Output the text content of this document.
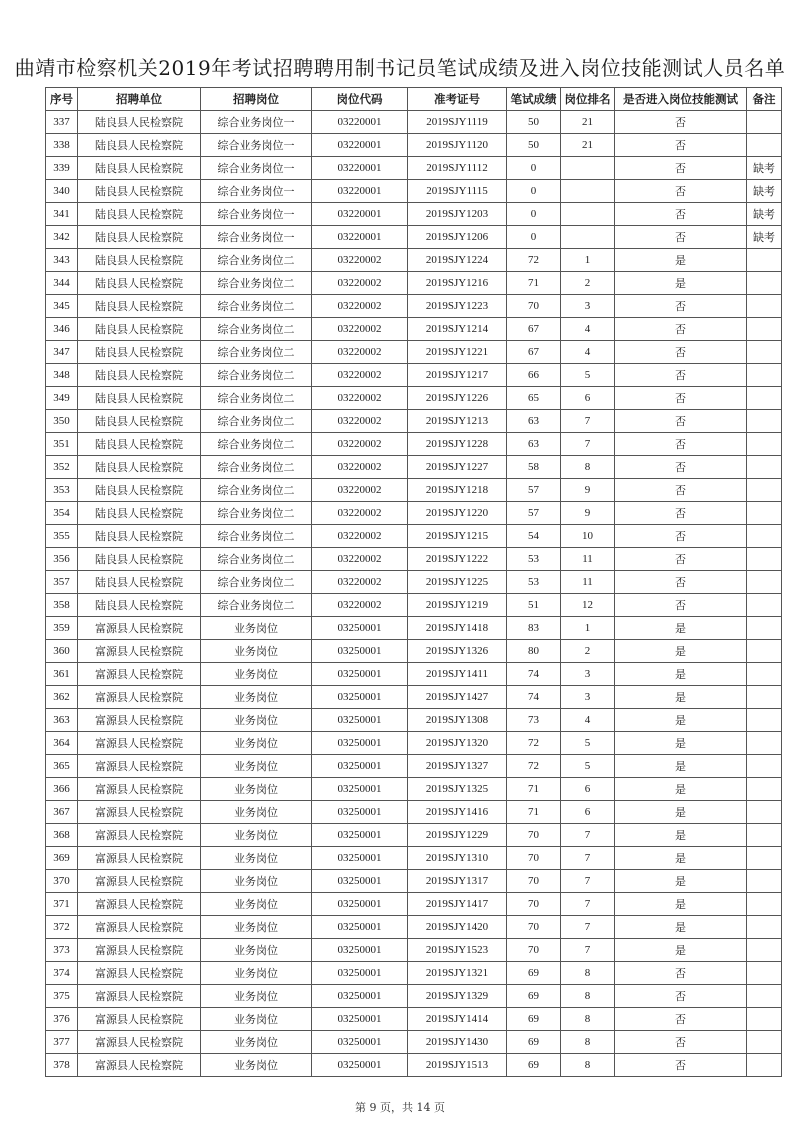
曲靖市检察机关2019年考试招聘聘用制书记员笔试成绩及进入岗位技能测试人员名单
序号	招聘单位	招聘岗位	岗位代码	准考证号	笔试成绩	岗位排名	是否进入岗位技能测试	备注
337	陆良县人民检察院	综合业务岗位一	03220001	2019SJY1119	50	21	否	
338	陆良县人民检察院	综合业务岗位一	03220001	2019SJY1120	50	21	否	
339	陆良县人民检察院	综合业务岗位一	03220001	2019SJY1112	0		否	缺考
340	陆良县人民检察院	综合业务岗位一	03220001	2019SJY1115	0		否	缺考
341	陆良县人民检察院	综合业务岗位一	03220001	2019SJY1203	0		否	缺考
342	陆良县人民检察院	综合业务岗位一	03220001	2019SJY1206	0		否	缺考
343	陆良县人民检察院	综合业务岗位二	03220002	2019SJY1224	72	1	是	
344	陆良县人民检察院	综合业务岗位二	03220002	2019SJY1216	71	2	是	
345	陆良县人民检察院	综合业务岗位二	03220002	2019SJY1223	70	3	否	
346	陆良县人民检察院	综合业务岗位二	03220002	2019SJY1214	67	4	否	
347	陆良县人民检察院	综合业务岗位二	03220002	2019SJY1221	67	4	否	
348	陆良县人民检察院	综合业务岗位二	03220002	2019SJY1217	66	5	否	
349	陆良县人民检察院	综合业务岗位二	03220002	2019SJY1226	65	6	否	
350	陆良县人民检察院	综合业务岗位二	03220002	2019SJY1213	63	7	否	
351	陆良县人民检察院	综合业务岗位二	03220002	2019SJY1228	63	7	否	
352	陆良县人民检察院	综合业务岗位二	03220002	2019SJY1227	58	8	否	
353	陆良县人民检察院	综合业务岗位二	03220002	2019SJY1218	57	9	否	
354	陆良县人民检察院	综合业务岗位二	03220002	2019SJY1220	57	9	否	
355	陆良县人民检察院	综合业务岗位二	03220002	2019SJY1215	54	10	否	
356	陆良县人民检察院	综合业务岗位二	03220002	2019SJY1222	53	11	否	
357	陆良县人民检察院	综合业务岗位二	03220002	2019SJY1225	53	11	否	
358	陆良县人民检察院	综合业务岗位二	03220002	2019SJY1219	51	12	否	
359	富源县人民检察院	业务岗位	03250001	2019SJY1418	83	1	是	
360	富源县人民检察院	业务岗位	03250001	2019SJY1326	80	2	是	
361	富源县人民检察院	业务岗位	03250001	2019SJY1411	74	3	是	
362	富源县人民检察院	业务岗位	03250001	2019SJY1427	74	3	是	
363	富源县人民检察院	业务岗位	03250001	2019SJY1308	73	4	是	
364	富源县人民检察院	业务岗位	03250001	2019SJY1320	72	5	是	
365	富源县人民检察院	业务岗位	03250001	2019SJY1327	72	5	是	
366	富源县人民检察院	业务岗位	03250001	2019SJY1325	71	6	是	
367	富源县人民检察院	业务岗位	03250001	2019SJY1416	71	6	是	
368	富源县人民检察院	业务岗位	03250001	2019SJY1229	70	7	是	
369	富源县人民检察院	业务岗位	03250001	2019SJY1310	70	7	是	
370	富源县人民检察院	业务岗位	03250001	2019SJY1317	70	7	是	
371	富源县人民检察院	业务岗位	03250001	2019SJY1417	70	7	是	
372	富源县人民检察院	业务岗位	03250001	2019SJY1420	70	7	是	
373	富源县人民检察院	业务岗位	03250001	2019SJY1523	70	7	是	
374	富源县人民检察院	业务岗位	03250001	2019SJY1321	69	8	否	
375	富源县人民检察院	业务岗位	03250001	2019SJY1329	69	8	否	
376	富源县人民检察院	业务岗位	03250001	2019SJY1414	69	8	否	
377	富源县人民检察院	业务岗位	03250001	2019SJY1430	69	8	否	
378	富源县人民检察院	业务岗位	03250001	2019SJY1513	69	8	否	
第 9 页，共 14 页
